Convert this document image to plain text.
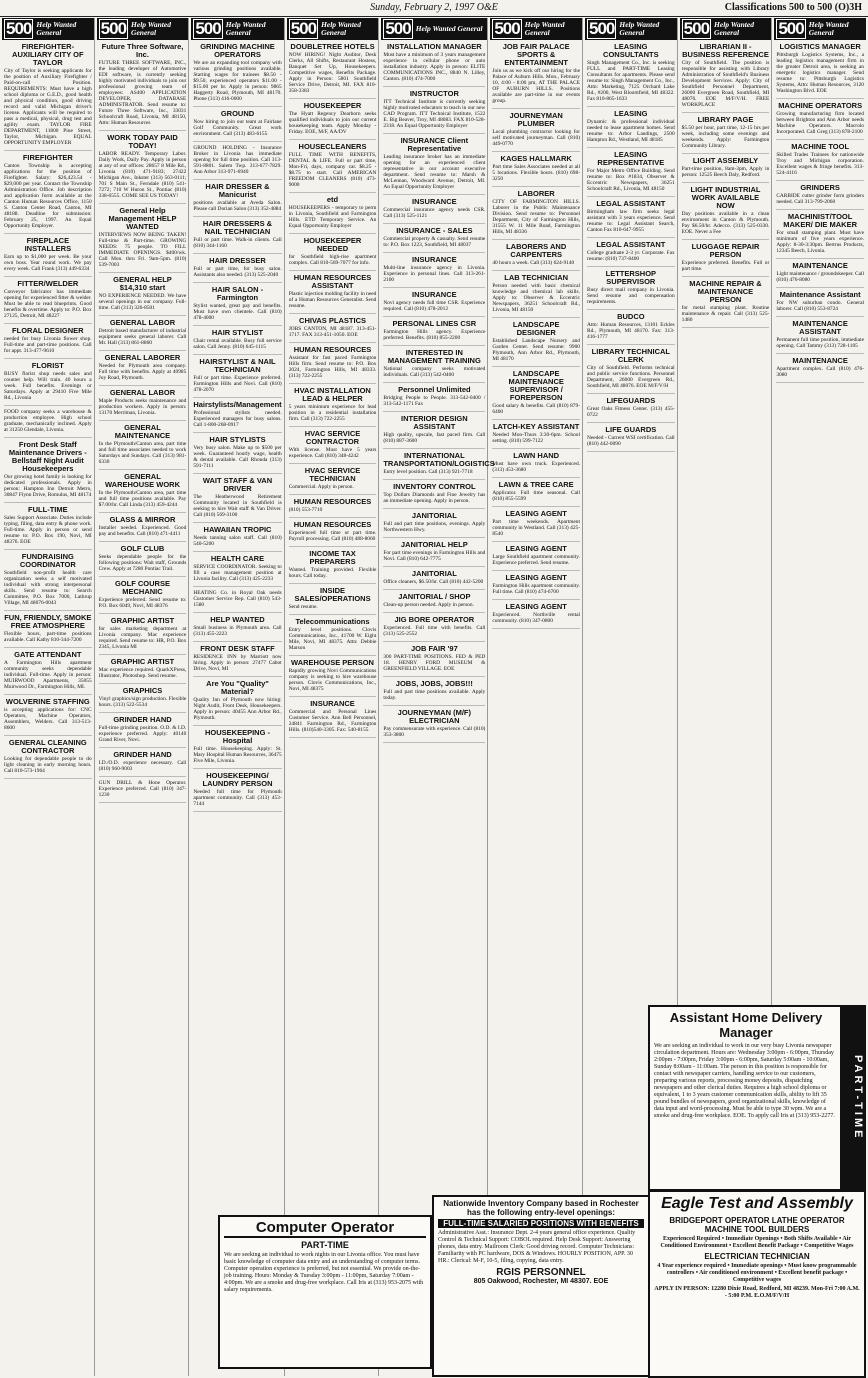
Sunday, February 2, 1997 O&E	Classifications 500 to 500 (O)3H
500 Help Wanted General
FIREFIGHTER-AUXILIARY CITY OF TAYLOR

City of Taylor is seeking applicants for the position of Auxiliary Firefighter / Paid-on-call Position. REQUIREMENTS: Must have a high school diploma or G.E.D., good health and physical condition, good driving record and valid Michigan driver's license. Applicants will be required to pass a medical, physical, drug test and agility exam. TAYLOR FIRE DEPARTMENT, 11800 Pine Street, Taylor, Michigan. EQUAL OPPORTUNITY EMPLOYER

FIREFIGHTER

Canton Township is accepting applications for the position of Firefighter. Salary: $26,423.54 - $29,000 per year. Contact the Township Administration Office. Job description and application form available at the Canton Human Resources Office, 1150 S. Canton Center Road, Canton, MI 48188. Deadline for submission: February 25, 1997. An Equal Opportunity Employer.

FIREPLACE INSTALLERS

Earn up to $1,000 per week. Be your own boss. Year round work. We pay every week. Call Frank (313) 449-6334

FITTER/WELDER

Conveyor fabricator has immediate opening for experienced fitter & welder. Must be able to read blueprints. Good benefits & overtime. Apply to: P.O. Box 27125, Detroit, MI 48227

FLORAL DESIGNER

needed for busy Livonia flower shop. Full-time and part-time positions. Call for appt. 313-477-9610

FLORIST

BUSY florist shop needs sales and counter help. Will train. 40 hours a week. Full benefits. Evenings or Saturdays. Apply at 29410 Five Mile Rd., Livonia

FOOD company seeks a warehouse & production employee. High school graduate, mechanically inclined. Apply at 31250 Glendale, Livonia.

Front Desk Staff Maintenance Drivers - Bellstaff Night Audit Housekeepers

Our growing hotel family is looking for dedicated professionals. Apply in person: Hampton Inn Detroit Metro, 30847 Flynn Drive, Romulus, MI 48174

FULL-TIME

Sales Support Associate. Duties include typing, filing, data entry & phone work. Full-time. Apply in person or send resume to: P.O. Box 190, Novi, MI 48376. EOE

FUNDRAISING COORDINATOR

Southfield non-profit health care organization seeks a self motivated individual with strong interpersonal skills. Send resume to: Search Committee, P.O. Box 7000, Lathrup Village, MI 48076-0043

FUN, FRIENDLY, SMOKE FREE ATMOSPHERE

Flexible hours, part-time positions available. Call Kathy 810-344-7200

GATE ATTENDANT

A Farmington Hills apartment community seeks dependable individual. Full-time. Apply in person: MUIRWOOD Apartments, 35055 Muirwood Dr., Farmington Hills, MI.

WOLVERINE STAFFING

is accepting applications for: CNC Operators, Machine Operators, Assemblers, Welders. Call 313-513-8600

GENERAL CLEANING CONTRACTOR

Looking for dependable people to do light cleaning in early morning hours. Call 810-573-1964

500 Help Wanted General
Future Three Software, Inc.

FUTURE THREE SOFTWARE, INC., the leading developer of Automotive EDI software, is currently seeking highly motivated individuals to join our professional growing team of employees: AS400 APPLICATION DEVELOPER, DATABASE ADMINISTRATOR. Send resume to: Future Three Software, Inc., 33031 Schoolcraft Road, Livonia, MI 48150, Attn: Human Resources

WORK TODAY PAID TODAY!

LABOR READY. Temporary Labor. Daily Work, Daily Pay. Apply in person at any of our offices: 28657 8 Mile Rd., Livonia (810) 471-9183; 27422 Michigan Ave., Inkster (313) 563-0111; 701 S Main St., Ferndale (810) 541-7272; 710 W Huron St., Pontiac (810) 338-6555. COME SEE US TODAY!

General Help Management HELP WANTED

INTERVIEWS NOW BEING TAKEN! Full-time & Part-time. GROWING NEEDS: 75 people. TO FILL IMMEDIATE OPENINGS. $400/wk. Call Mon. thru Fri. 9am-5pm. (810) 539-7003

GENERAL HELP $14,310 start

NO EXPERIENCE NEEDED. We have several openings in our company. Full-time. Call (313) 326-8501

GENERAL LABOR

Detroit based manufacturer of industrial equipment seeks general laborer. Call Mr. Hall (313) 861-8860

GENERAL LABORER

Needed for Plymouth area company. Full time with benefits. Apply at 40985 Joy Road, Plymouth.

GENERAL LABOR

Maple Products seeks maintenance and production workers. Apply in person: 13170 Merriman, Livonia.

GENERAL MAINTENANCE

In the Plymouth/Canton area, part time and full time associates needed to work Saturdays and Sundays. Call (313) 981-6330

GENERAL WAREHOUSE WORK

In the Plymouth/Canton area, part time and full time positions available. Pay $7.00/hr. Call Linda (313) 459-4244

GLASS & MIRROR

Installer needed. Experienced. Good pay and benefits. Call (810) 471-4411

GOLF CLUB

Seeks dependable people for the following positions: Wait staff, Grounds Crew. Apply at 7280 Pontiac Trail.

GOLF COURSE MECHANIC

Experience preferred. Send resume to: P.O. Box 6049, Novi, MI 48376

GRAPHIC ARTIST

for sales marketing department at Livonia company. Mac experience required. Send resume to: HR, P.O. Box 2345, Livonia MI

GRAPHIC ARTIST

Mac experience required. QuarkXPress, Illustrator, Photoshop. Send resume.

GRAPHICS

Vinyl graphics/sign production. Flexible hours. (313) 522-5534

GRINDER HAND

Full-time grinding position. O.D. & I.D. experience preferred. Apply: 40140 Grand River, Novi.

GRINDER HAND

I.D./O.D. experience necessary. Call (810) 960-9003

GUN DRILL & Hone Operator. Experience preferred. Call (810) 347-1230

500 Help Wanted General
GRINDING MACHINE OPERATORS

We are an expanding tool company with various grinding positions available. Starting wages for trainees $8.50 - $9.50, experienced operators $11.00 - $15.00 per hr. Apply in person: 9865 Haggerty Road, Plymouth, MI 48170. Phone (313) 416-0000

GROUND

Now hiring to join our team at Fairlane Golf Community. Great work environment. Call (313) 483-6155

GROUND HOLDING - Insurance Broker in Livonia has immediate opening for full time position. Call 313-591-8801. Salem Twp. 313-677-7829. Ann Arbor 313-971-6940

HAIR DRESSER & Manicurist

positions available at Aveda Salon. Please call Dorian Salon (313) 352-4884

HAIR DRESSERS & NAIL TECHNICIAN

Full or part time. Walk-in clients. Call (810) 344-1160

HAIR DRESSER

Full or part time, for busy salon. Assistants also needed. (313) 525-2040

HAIR SALON - Farmington

Stylist wanted, great pay and benefits. Must have own clientele. Call (810) 478-4000

HAIR STYLIST

Chair rental available. Busy full service salon. Call Jenny. (810) 645-1115

HAIRSTYLIST & NAIL TECHNICIAN

Full or part time. Experience preferred. Farmington Hills and Novi. Call (810) 478-2070

Hairstylists/Management

Professional stylists needed. Experienced managers for busy salons. Call 1-800-268-0917

HAIR STYLISTS

Very busy salon. Make up to $500 per week. Guaranteed hourly wage, health & dental available. Call Rhonda (313) 591-7111

WAIT STAFF & VAN DRIVER

The Heatherwood Retirement Community located in Southfield is seeking to hire Wait staff & Van Driver. Call (810) 569-3100

HAWAIIAN TROPIC

Needs tanning salon staff. Call (810) 540-5200

HEALTH CARE

SERVICE COORDINATOR. Seeking to fill a case management position at Livonia facility. Call (313) 425-2233

HEATING Co. in Royal Oak needs Customer Service Rep. Call (810) 543-1580

HELP WANTED

Small business in Plymouth area. Call (313) 455-2223

FRONT DESK STAFF

RESIDENCE INN by Marriott now hiring. Apply in person: 27477 Cabot Drive, Novi, MI

Are You "Quality" Material?

Quality Inn of Plymouth now hiring: Night Audit, Front Desk, Housekeepers. Apply in person: 40455 Ann Arbor Rd., Plymouth.

HOUSEKEEPING - Hospital

Full time. Housekeeping. Apply: St. Mary Hospital Human Resources, 36475 Five Mile, Livonia.

HOUSEKEEPING/ LAUNDRY PERSON

Needed full time for Plymouth apartment community. Call (313) 453-7144

500 Help Wanted General
DOUBLETREE HOTELS

NOW HIRING! Night Auditor, Desk Clerks, All Shifts, Restaurant Hostess, Banquet Set Up, Housekeepers. Competitive wages, Benefits Package. Apply in Person: 5801 Southfield Service Drive, Detroit, MI. FAX 810-358-3383

HOUSEKEEPER

The Hyatt Regency Dearborn seeks qualified individuals to join our current housekeeping team. Apply Monday - Friday. EOE, M/F, AA/DV

HOUSECLEANERS

FULL TIME WITH BENEFITS, DENTAL & LIFE. Full or part time, Mon-Fri, days, company car. $8.25 - $8.75 to start. Call AMERICAN FREEDOM CLEANERS (810) 473-9000

etd

HOUSEKEEPERS - temporary to perm in Livonia, Southfield and Farmington Hills. ETD Temporary Service. An Equal Opportunity Employer

HOUSEKEEPER NEEDED

for Southfield high-rise apartment complex. Call 810-569-7077 for info.

HUMAN RESOURCES ASSISTANT

Plastic injection molding facility in need of a Human Resources Generalist. Send resume.

CHIVAS PLASTICS

JOBS CANTON, MI 48187. 313-451-1717. FAX 313-451-1050. EOE

HUMAN RESOURCES

Assistant for fast paced Farmington Hills firm. Send resume to: P.O. Box 2024, Farmington Hills, MI 48333. (313) 722-2255

HVAC INSTALLATION LEAD & HELPER

5 years minimum experience for lead position in a residential installation firm. Call (313) 722-2255

HVAC SERVICE CONTRACTOR

With license. Must have 5 years experience. Call (810) 348-4242

HVAC SERVICE TECHNICIAN

Commercial. Apply in person.

HUMAN RESOURCES

(810) 553-7710

HUMAN RESOURCES

Experienced full time or part time. Payroll processing. Call (810) 488-8060

INCOME TAX PREPARERS

Wanted. Training provided. Flexible hours. Call today.

INSIDE SALES/OPERATIONS

Send resume.

Telecommunications

Entry level positions. Clovis Communications, Inc., 41700 W. Eight Mile, Novi, MI 48375. Attn: Debbie Marson

WAREHOUSE PERSON

Rapidly growing Novi Communications company is seeking to hire warehouse person. Clovis Communications, Inc., Novi, MI 48375

INSURANCE

Commercial and Personal Lines Customer Service. Ann Bell Personnel, 24841 Farmington Rd., Farmington Hills. (810)540-3305. Fax: 540-8155

500 Help Wanted General
INSTALLATION MANAGER

Must have a minimum of 3 years management experience in cellular phone or auto installation industry. Apply in person: ELITE COMMUNICATIONS INC., 8840 N. Lilley, Canton. (810) 474-7000

INSTRUCTOR

ITT Technical Institute is currently seeking highly motivated educators to teach in our new CAD Program. ITT Technical Institute, 1522 E. Big Beaver, Troy, MI 48083. FAX 810-528-2318. An Equal Opportunity Employer

INSURANCE Client Representative

Leading insurance broker has an immediate opening for an experienced client representative in our account executive department. Send resume to: Marsh & McLennan, Woodward Avenue, Detroit, MI. An Equal Opportunity Employer

INSURANCE

Commercial insurance agency needs CSR. Call (313) 525-1121

INSURANCE - SALES

Commercial property & casualty. Send resume to: P.O. Box 1223, Southfield, MI 48037

INSURANCE

Multi-line insurance agency in Livonia. Experience in personal lines. Call 313-261-2100

INSURANCE

Novi agency needs full time CSR. Experience required. Call (810) 478-2012

PERSONAL LINES CSR

Farmington Hills agency. Experience preferred. Benefits. (810) 855-2200

INTERESTED IN MANAGEMENT TRAINING

National company seeks motivated individuals. Call (313) 542-0400

Personnel Unlimited

Bridging People to People. 313-542-0400 / 313-542-1171 Fax

INTERIOR DESIGN ASSISTANT

High quality, upscale, fast paced firm. Call (810) 887-3600

INTERNATIONAL TRANSPORTATION/LOGISTICS

Entry level position. Call (313) 921-7718

INVENTORY CONTROL

Top Dollars Diamonds and Fine Jewelry has an immediate opening. Apply in person.

JANITORIAL

Full and part time positions, evenings. Apply Northwestern Hwy.

JANITORIAL HELP

For part time evenings in Farmington Hills and Novi. Call (810) 642-7775

JANITORIAL

Office cleaners, $6.50/hr. Call (810) 442-5200

JANITORIAL / SHOP

Clean-up person needed. Apply in person.

JIG BORE OPERATOR

Experienced. Full time with benefits. Call (313) 525-2552

JOB FAIR '97

300 PART-TIME POSITIONS. FED & PED 18. HENRY FORD MUSEUM & GREENFIELD VILLAGE. EOE

JOBS, JOBS, JOBS!!!

Full and part time positions available. Apply today.

JOURNEYMAN (M/F) ELECTRICIAN

Pay commensurate with experience. Call (810) 353-3800

500 Help Wanted General
JOB FAIR PALACE SPORTS & ENTERTAINMENT

Join us as we kick off our hiring for the Palace of Auburn Hills. Mon., February 10, 4:00 - 8:00 pm, AT THE PALACE OF AUBURN HILLS. Positions available are part-time in our events group.

JOURNEYMAN PLUMBER

Local plumbing contractor looking for self motivated journeyman. Call (810) 449-0770

KAGES HALLMARK

Part time Sales Associates needed at all 5 locations. Flexible hours. (810) 698-3250

LABORER

CITY OF FARMINGTON HILLS. Laborer in the Public Maintenance Division. Send resume to: Personnel Department, City of Farmington Hills, 31555 W. 11 Mile Road, Farmington Hills, MI 48336

LABORERS AND CARPENTERS

40 hours a week. Call (313) 624-9140

LAB TECHNICIAN

Person needed with basic chemical knowledge and chemical lab skills. Apply to: Observer & Eccentric Newspapers, 36251 Schoolcraft Rd., Livonia, MI 48150

LANDSCAPE DESIGNER

Established Landscape Nursery and Garden Center. Send resume: 9900 Plymouth, Ann Arbor Rd., Plymouth, MI 48170

LANDSCAPE MAINTENANCE SUPERVISOR / FOREPERSON

Good salary & benefits. Call (810) 879-6400

LATCH-KEY ASSISTANT

Needed Mon-Thurs 3:30-6pm. School setting. (810) 599-7122

LAWN HAND

Must have own truck. Experienced. (313) 453-3680

LAWN & TREE CARE

Applicator. Full time seasonal. Call (810) 855-5599

LEASING AGENT

Part time weekends. Apartment community in Westland. Call (313) 425-8540

LEASING AGENT

Large Southfield apartment community. Experience preferred. Send resume.

LEASING AGENT

Farmington Hills apartment community. Full time. Call (810) 474-6700

LEASING AGENT

Experienced. Northville rental community. (810) 347-0800

500 Help Wanted General
LEASING CONSULTANTS

Singh Management Co., Inc. is seeking FULL and PART-TIME Leasing Consultants for apartments. Please send resume to: Singh Management Co., Inc., Attn: Marketing, 7125 Orchard Lake Rd., #200, West Bloomfield, MI 48322. Fax 810-865-1633

LEASING

Dynamic & professional individual needed to lease apartment homes. Send resume to: Arbor Landings, 2500 Hampton Rd., Westland, MI 48185

LEASING REPRESENTATIVE

For Major Metro Office Building. Send resume to: Box #1834, Observer & Eccentric Newspapers, 36251 Schoolcraft Rd., Livonia, MI 48150

LEGAL ASSISTANT

Birmingham law firm seeks legal assistant with 3 years experience. Send resume to: Legal Assistant Search, Canton Fax 810-647-9955

LEGAL ASSISTANT

College graduate 2-3 yr. Corporate. Fax resume: (810) 737-8400

LETTERSHOP SUPERVISOR

Busy direct mail company in Livonia. Send resume and compensation requirements.

BUDCO

Attn: Human Resources, 13101 Eckles Rd., Plymouth, MI 48170. Fax: 313-416-1777

LIBRARY TECHNICAL CLERK

City of Southfield. Performs technical and public service functions. Personnel Department, 26000 Evergreen Rd., Southfield, MI 48076. EOE M/F/V/H

LIFEGUARDS

Great Oaks Fitness Center. (313) 455-0722

LIFE GUARDS

Needed - Current WSI certification. Call (810) 442-0090

500 Help Wanted General
LIBRARIAN II - BUSINESS REFERENCE

City of Southfield. The position is responsible for assisting with Library Administration of Southfield's Business Development Services. Apply: City of Southfield Personnel Department, 26000 Evergreen Road, Southfield, MI 48076. EOE M/F/V/H. FREE WORKPLACE

LIBRARY PAGE

$5.50 per hour, part time, 12-15 hrs per week, including some evenings and weekends. Apply: Farmington Community Library.

LIGHT ASSEMBLY

Part-time position, 8am-3pm, Apply in person: 12525 Beech Daly, Redford.

LIGHT INDUSTRIAL WORK AVAILABLE NOW

Day positions available in a clean environment in Canton & Plymouth. Pay $6.50/hr. Adecco. (313) 525-0330. EOE. Never a Fee

LUGGAGE REPAIR PERSON

Experience preferred. Benefits. Full or part time.

MACHINE REPAIR & MAINTENANCE PERSON

for metal stamping plant. Routine maintenance & repair. Call (313) 525-1480

500 Help Wanted General
LOGISTICS MANAGER

Pittsburgh Logistics Systems, Inc., a leading logistics management firm in the greater Detroit area, is seeking an energetic logistics manager. Send resume to: Pittsburgh Logistics Systems, Attn: Human Resources, 3120 Washington Blvd. EOE

MACHINE OPERATORS

Growing manufacturing firm located between Brighton and Ann Arbor needs Machine Operators. Macrolo Incorporated. Call Greg (313) 878-2100

MACHINE TOOL

Skilled Trades Trainees for nationwide Troy and Michigan corporation. Excellent wages & fringe benefits. 313-524-4116

GRINDERS

CARBIDE cutter grinder form grinders needed. Call 313-799-2060

MACHINIST/TOOL MAKER/ DIE MAKER

For small stamping plant. Must have minimum of five years experience. Apply: 8-30-3:30pm. Bertrus Products, 12345 Beech, Livonia.

MAINTENANCE

Light maintenance / groundskeeper. Call (810) 476-8080

Maintenance Assistant

For NW suburban condo. General laborer. Call (810) 553-8724

MAINTENANCE ASSISTANT

Permanent full time position, immediate opening. Call Tammy (313) 728-1105

MAINTENANCE

Apartment complex. Call (810) 476-3080

PART-TIME
Assistant Home Delivery Manager

We are seeking an individual to work in our very busy Livonia newspaper circulation department. Hours are: Wednesday 3:00pm - 6:00pm, Thursday 2:00pm - 7:00pm, Friday 3:00pm - 6:00pm, Saturday 5:00am - 10:00am, Sunday 8:00am - 11:00am. The person in this position is responsible for contact with newspaper carriers, handling service to our customers, preparing various reports, processing money deposits, dispatching newspapers and other clerical duties. Requires a high school diploma or equivalent, 1 to 3 years customer communication skills, ability to lift 35 pound bundles of newspapers, good organizational skills, knowledge of data input and word-processing. Must be able to type 30 wpm. We are a smoke and drug-free workplace. EOE. To apply call Iris at (313) 953-2277.

Computer Operator
PART-TIME

We are seeking an individual to work nights in our Livonia office. You must have basic knowledge of computer data entry and an understanding of computer terms. Computer operation experience is preferred, but not essential. We provide on-the-job training. Hours: Monday & Tuesday 3:00pm - 11:00pm, Saturday 7:00am - 4:00pm. We are a smoke and drug-free workplace. Call Iris at (313) 953-2075 with salary requirements.

Nationwide Inventory Company based in Rochester has the following entry-level openings:
FULL-TIME SALARIED POSITIONS WITH BENEFITS

Administrative Asst.: Insurance Dept. 2-4 years general office experience. Quality Control & Technical Support: COBOL required. Help Desk Support: Answering phones, data entry. Mailroom Clerk: Good driving record. Computer Technicians: Familiarity with PC hardware, DOS & Windows. HOURLY POSITION, APP. 30 HR.: Clerical: M-F, 10-5, filing, copying, data entry.

RGIS PERSONNEL
805 Oakwood, Rochester, MI 48307. EOE
Eagle Test and Assembly
BRIDGEPORT OPERATOR LATHE OPERATOR MACHINE TOOL BUILDERS

Experienced Required • Immediate Openings • Both Shifts Available • Air Conditioned Environment • Excellent Benefit Package • Competitive Wages

ELECTRICIAN TECHNICIAN

4 Year experience required • Immediate openings • Must know programmable controllers • Air conditioned environment • Excellent benefit package • Competitive wages

APPLY IN PERSON: 12280 Dixie Road, Redford, MI 48239. Mon-Fri 7:00 A.M. - 5:00 P.M. E.O.M/F/V/H
